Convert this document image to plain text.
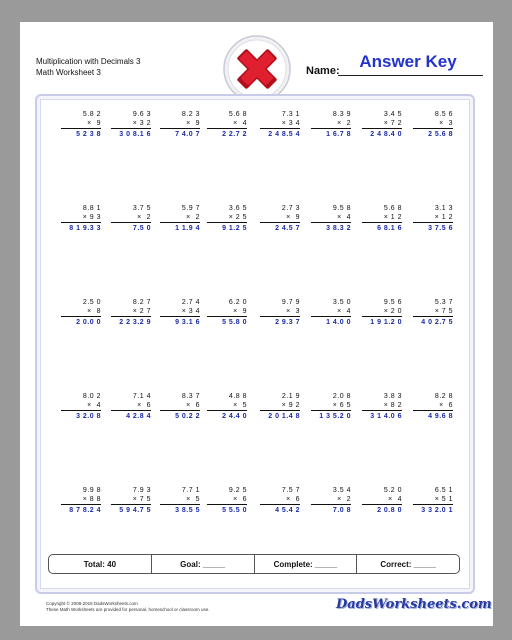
Multiplication with Decimals 3
Math Worksheet 3	Name:	Answer Key
5.8 2
×  9
5 2 3 8
9.6 3
× 3 2
3 0 8.1 6
8.2 3
×  9
7 4.0 7
5.6 8
×  4
2 2.7 2
7.3 1
× 3 4
2 4 8.5 4
8.3 9
×  2
1 6.7 8
3.4 5
× 7 2
2 4 8.4 0
8.5 6
×  3
2 5.6 8
8.8 1
× 9 3
8 1 9.3 3
3.7 5
×  2
7.5 0
5.9 7
×  2
1 1.9 4
3.6 5
× 2 5
9 1.2 5
2.7 3
×  9
2 4.5 7
9.5 8
×  4
3 8.3 2
5.6 8
× 1 2
6 8.1 6
3.1 3
× 1 2
3 7.5 6
2.5 0
×  8
2 0.0 0
8.2 7
× 2 7
2 2 3.2 9
2.7 4
× 3 4
9 3.1 6
6.2 0
×  9
5 5.8 0
9.7 9
×  3
2 9.3 7
3.5 0
×  4
1 4.0 0
9.5 6
× 2 0
1 9 1.2 0
5.3 7
× 7 5
4 0 2.7 5
8.0 2
×  4
3 2.0 8
7.1 4
×  6
4 2.8 4
8.3 7
×  6
5 0.2 2
4.8 8
×  5
2 4.4 0
2.1 9
× 9 2
2 0 1.4 8
2.0 8
× 6 5
1 3 5.2 0
3.8 3
× 8 2
3 1 4.0 6
8.2 8
×  6
4 9.6 8
9.9 8
× 8 8
8 7 8.2 4
7.9 3
× 7 5
5 9 4.7 5
7.7 1
×  5
3 8.5 5
9.2 5
×  6
5 5.5 0
7.5 7
×  6
4 5.4 2
3.5 4
×  2
7.0 8
5.2 0
×  4
2 0.8 0
6.5 1
× 5 1
3 3 2.0 1
Total: 40	Goal: _____	Complete: _____	Correct: _____
Copyright © 2008-2018 DadsWorksheets.com
These Math Worksheets are provided for personal, homeschool or classroom use.	DadsWorksheets.com
